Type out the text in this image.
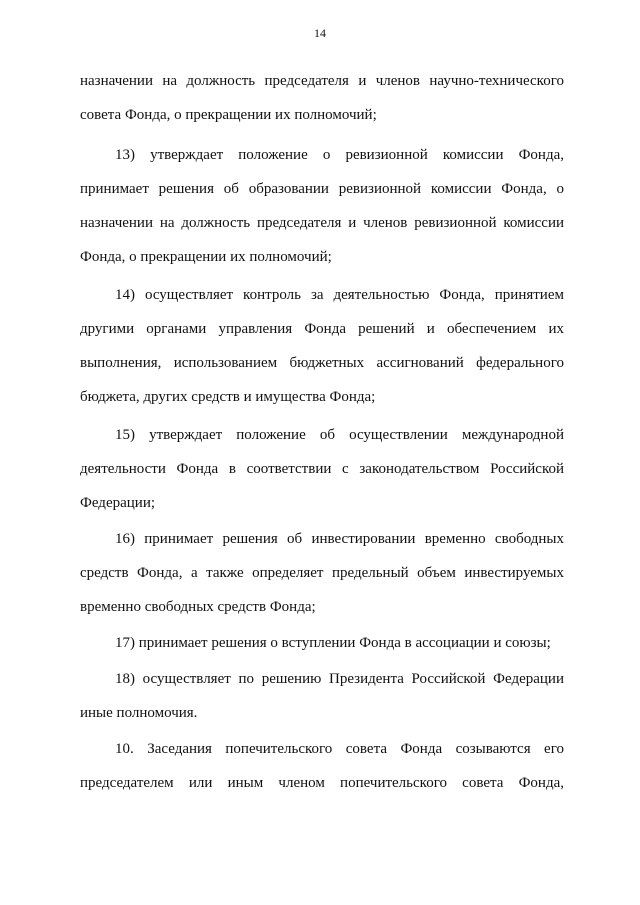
14
назначении на должность председателя и членов научно-технического
совета Фонда, о прекращении их полномочий;
13) утверждает положение о ревизионной комиссии Фонда,
принимает решения об образовании ревизионной комиссии Фонда, о
назначении на должность председателя и членов ревизионной комиссии
Фонда, о прекращении их полномочий;
14) осуществляет контроль за деятельностью Фонда, принятием
другими органами управления Фонда решений и обеспечением их
выполнения, использованием бюджетных ассигнований федерального
бюджета, других средств и имущества Фонда;
15) утверждает положение об осуществлении международной
деятельности Фонда в соответствии с законодательством Российской
Федерации;
16) принимает решения об инвестировании временно свободных
средств Фонда, а также определяет предельный объем инвестируемых
временно свободных средств Фонда;
17) принимает решения о вступлении Фонда в ассоциации и союзы;
18) осуществляет по решению Президента Российской Федерации
иные полномочия.
10. Заседания попечительского совета Фонда созываются его
председателем или иным членом попечительского совета Фонда,
